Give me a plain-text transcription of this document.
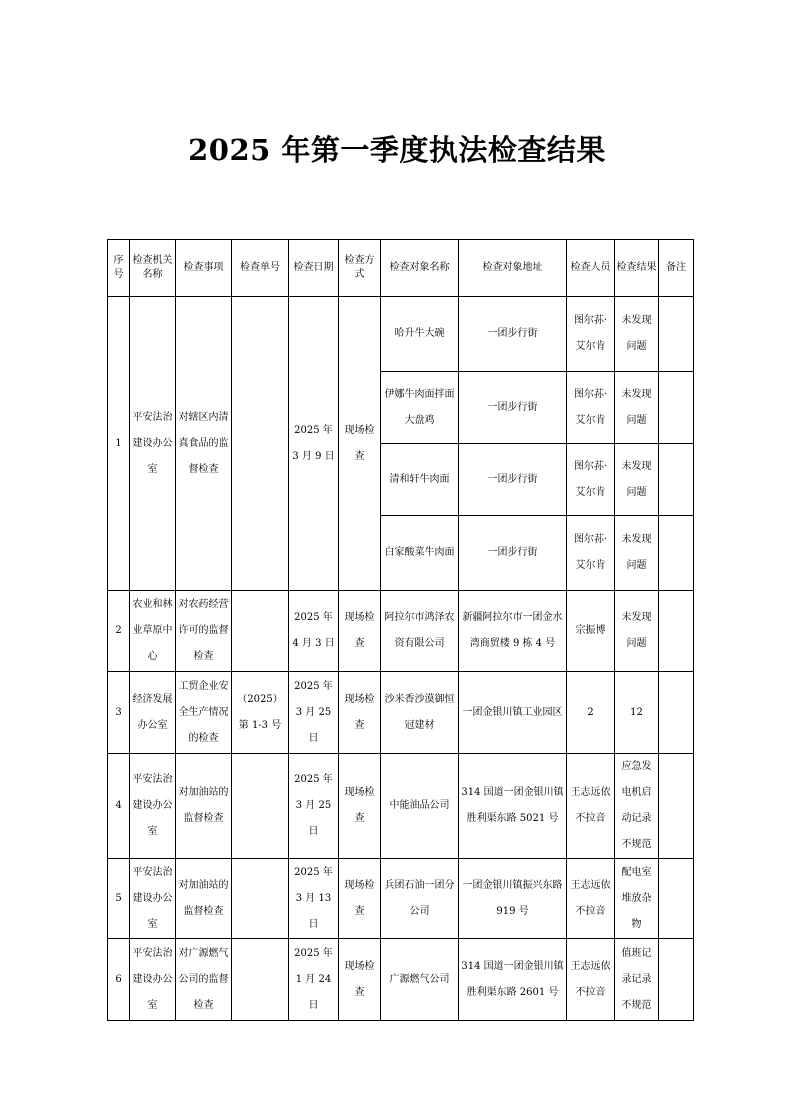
2025 年第一季度执法检查结果
序号	检查机关名称	检查事项	检查单号	检查日期	检查方式	检查对象名称	检查对象地址	检查人员	检查结果	备注
1	平安法治建设办公室	对辖区内清真食品的监督检查		2025 年 3 月 9 日	现场检查	哈升牛大碗	一团步行街	图尔荪·艾尔肯	未发现问题	
						伊娜牛肉面拌面大盘鸡	一团步行街	图尔荪·艾尔肯	未发现问题	
						清和轩牛肉面	一团步行街	图尔荪·艾尔肯	未发现问题	
						白家酸菜牛肉面	一团步行街	图尔荪·艾尔肯	未发现问题	
2	农业和林业草原中心	对农药经营许可的监督检查		2025 年 4 月 3 日	现场检查	阿拉尔市鸿泽农资有限公司	新疆阿拉尔市一团金水湾商贸楼 9 栋 4 号	宗振博	未发现问题	
3	经济发展办公室	工贸企业安全生产情况的检查	（2025）第 1-3 号	2025 年 3 月 25 日	现场检查	沙米香沙漠御恒冠建材	一团金银川镇工业园区	2	12	
4	平安法治建设办公室	对加油站的监督检查		2025 年 3 月 25 日	现场检查	中能油品公司	314 国道一团金银川镇胜利渠东路 5021 号	王志远依不拉音	应急发电机启动记录不规范	
5	平安法治建设办公室	对加油站的监督检查		2025 年 3 月 13 日	现场检查	兵团石油一团分公司	一团金银川镇振兴东路 919 号	王志远依不拉音	配电室堆放杂物	
6	平安法治建设办公室	对广源燃气公司的监督检查		2025 年 1 月 24 日	现场检查	广源燃气公司	314 国道一团金银川镇胜利渠东路 2601 号	王志远依不拉音	值班记录记录不规范	
